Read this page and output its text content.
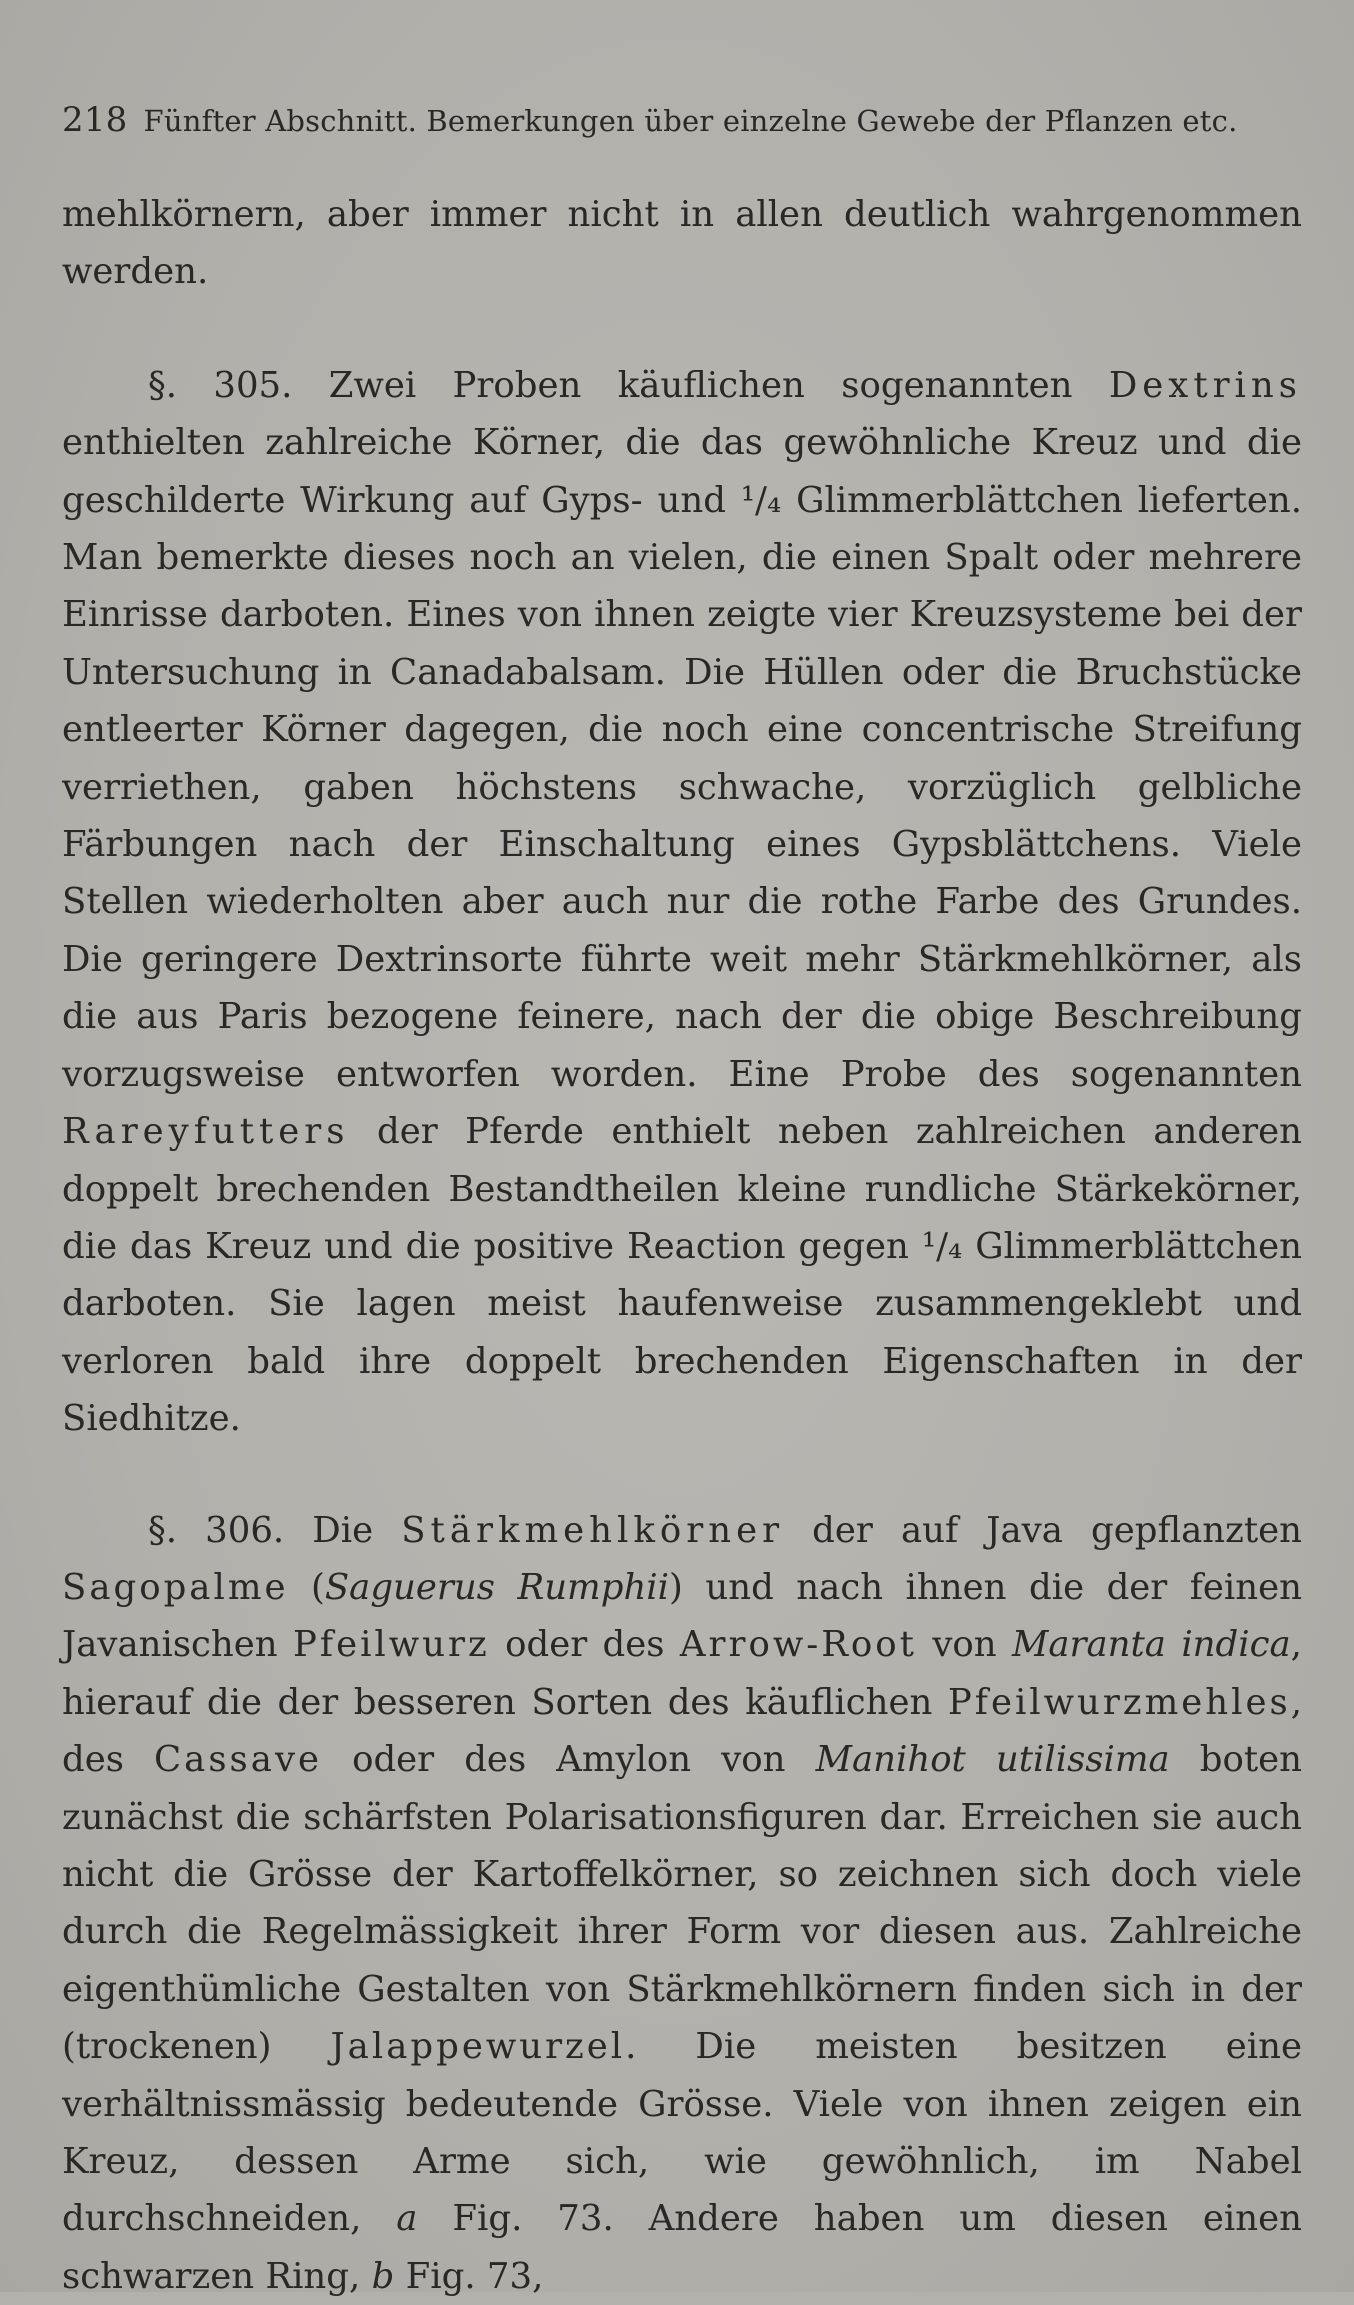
218 Fünfter Abschnitt. Bemerkungen über einzelne Gewebe der Pflanzen etc.

mehlkörnern, aber immer nicht in allen deutlich wahrgenommen werden.

§. 305. Zwei Proben käuflichen sogenannten Dextrins enthielten zahlreiche Körner, die das gewöhnliche Kreuz und die geschilderte Wirkung auf Gyps- und ¹/₄ Glimmerblättchen lieferten. Man bemerkte dieses noch an vielen, die einen Spalt oder mehrere Einrisse darboten. Eines von ihnen zeigte vier Kreuzsysteme bei der Untersuchung in Canadabalsam. Die Hüllen oder die Bruchstücke entleerter Körner dagegen, die noch eine concentrische Streifung verriethen, gaben höchstens schwache, vorzüglich gelbliche Färbungen nach der Einschaltung eines Gypsblättchens. Viele Stellen wiederholten aber auch nur die rothe Farbe des Grundes. Die geringere Dextrinsorte führte weit mehr Stärkmehlkörner, als die aus Paris bezogene feinere, nach der die obige Beschreibung vorzugsweise entworfen worden. Eine Probe des sogenannten Rareyfutters der Pferde enthielt neben zahlreichen anderen doppelt brechenden Bestandtheilen kleine rundliche Stärkekörner, die das Kreuz und die positive Reaction gegen ¹/₄ Glimmerblättchen darboten. Sie lagen meist haufenweise zusammengeklebt und verloren bald ihre doppelt brechenden Eigenschaften in der Siedhitze.

§. 306. Die Stärkmehlkörner der auf Java gepflanzten Sagopalme (Saguerus Rumphii) und nach ihnen die der feinen Javanischen Pfeilwurz oder des Arrow-Root von Maranta indica, hierauf die der besseren Sorten des käuflichen Pfeilwurzmehles, des Cassave oder des Amylon von Manihot utilissima boten zunächst die schärfsten Polarisationsfiguren dar. Erreichen sie auch nicht die Grösse der Kartoffelkörner, so zeichnen sich doch viele durch die Regelmässigkeit ihrer Form vor diesen aus. Zahlreiche eigenthümliche Gestalten von Stärkmehlkörnern finden sich in der (trockenen) Jalappewurzel. Die meisten besitzen eine verhältnissmässig bedeutende Grösse. Viele von ihnen zeigen ein Kreuz, dessen Arme sich, wie gewöhnlich, im Nabel durchschneiden, a Fig. 73. Andere haben um diesen einen schwarzen Ring, b Fig. 73,
